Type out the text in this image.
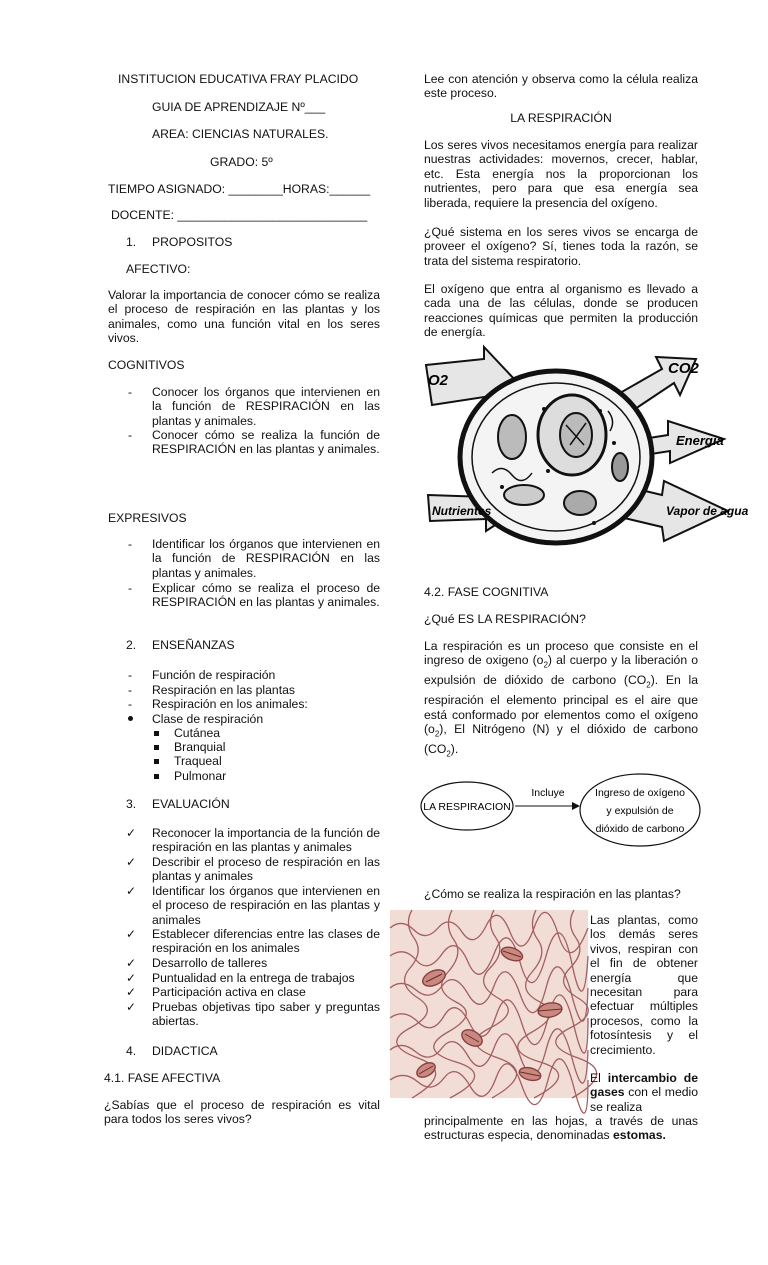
INSTITUCION EDUCATIVA FRAY PLACIDO

GUIA DE APRENDIZAJE Nº___

AREA: CIENCIAS NATURALES.

GRADO: 5º

TIEMPO ASIGNADO: ________HORAS:______

DOCENTE: ____________________________

1. PROPOSITOS

AFECTIVO:

Valorar la importancia de conocer cómo se realiza el proceso de respiración en las plantas y los animales, como una función vital en los seres vivos.

COGNITIVOS

- Conocer los órganos que intervienen en la función de RESPIRACIÓN en las plantas y animales.

- Conocer cómo se realiza la función de RESPIRACIÓN en las plantas y animales.

EXPRESIVOS

- Identificar los órganos que intervienen en la función de RESPIRACIÓN en las plantas y animales.

- Explicar cómo se realiza el proceso de RESPIRACIÓN en las plantas y animales.

2. ENSEÑANZAS

- Función de respiración

- Respiración en las plantas

- Respiración en los animales:

Clase de respiración

Cutánea

Branquial

Traqueal

Pulmonar

3. EVALUACIÓN

✓ Reconocer la importancia de la función de respiración en las plantas y animales

✓ Describir el proceso de respiración en las plantas y animales

✓ Identificar los órganos que intervienen en el proceso de respiración en las plantas y animales

✓ Establecer diferencias entre las clases de respiración en los animales

✓ Desarrollo de talleres

✓ Puntualidad en la entrega de trabajos

✓ Participación activa en clase

✓ Pruebas objetivas tipo saber y preguntas abiertas.

4. DIDACTICA

4.1. FASE AFECTIVA

¿Sabías que el proceso de respiración es vital para todos los seres vivos?

Lee con atención y observa como la célula realiza este proceso.

LA RESPIRACIÓN

Los seres vivos necesitamos energía para realizar nuestras actividades: movernos, crecer, hablar, etc. Esta energía nos la proporcionan los nutrientes, pero para que esa energía sea liberada, requiere la presencia del oxígeno.

¿Qué sistema en los seres vivos se encarga de proveer el oxígeno? Sí, tienes toda la razón, se trata del sistema respiratorio.

El oxígeno que entra al organismo es llevado a cada una de las células, donde se producen reacciones químicas que permiten la producción de energía.

O2
CO2
Energia
Nutrientes	Vapor de agua

4.2. FASE COGNITIVA

¿Qué ES LA RESPIRACIÓN?

La respiración es un proceso que consiste en el ingreso de oxigeno $(o_2)$ al cuerpo y la liberación o expulsión de dióxido de carbono $(CO_2)$. En la respiración el elemento principal es el aire que está conformado por elementos como el oxígeno $(o_2)$, El Nitrógeno (N) y el dióxido de carbono $(CO_2)$.

LA RESPIRACION
Incluye	Ingreso de oxígeno
y expulsión de
dióxido de carbono

¿Cómo se realiza la respiración en las plantas?

Las plantas, como los demás seres vivos, respiran con el fin de obtener energía que necesitan para efectuar múltiples procesos, como la fotosíntesis y el crecimiento.

El intercambio de gases con el medio se realiza

principalmente en las hojas, a través de unas estructuras especia, denominadas estomas.
